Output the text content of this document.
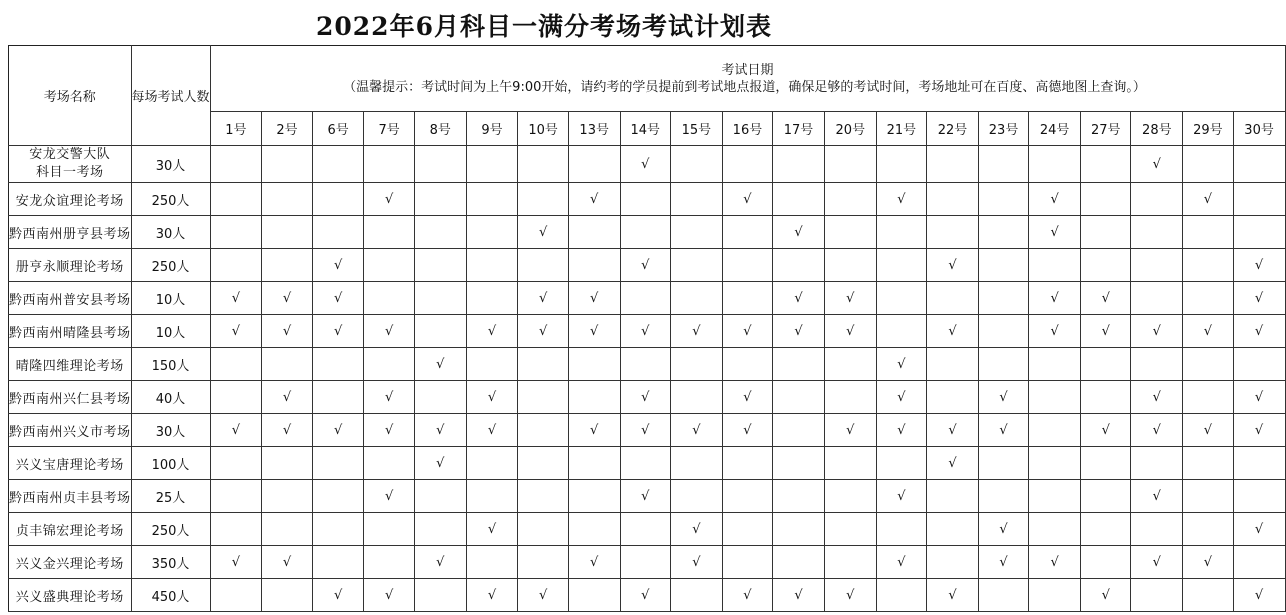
2022年6月科目一满分考场考试计划表
考场名称	每场考试人数	考试日期
（温馨提示：考试时间为上午9:00开始，请约考的学员提前到考试地点报道，确保足够的考试时间，考场地址可在百度、高德地图上查询。）																				

		1号	2号	6号	7号	8号	9号	10号	13号	14号	15号	16号	17号	20号	21号	22号	23号	24号	27号	28号	29号	30号
安龙交警大队科目一考场	30人									√										√		
安龙众谊理论考场	250人				√				√			√			√			√			√	
黔西南州册亨县考场	30人							√					√					√				
册亨永顺理论考场	250人			√						√						√						√
黔西南州普安县考场	10人	√	√	√				√	√				√	√				√	√			√
黔西南州晴隆县考场	10人	√	√	√	√		√	√	√	√	√	√	√	√		√		√	√	√	√	√
晴隆四维理论考场	150人					√									√							
黔西南州兴仁县考场	40人		√		√		√			√		√			√		√			√		√
黔西南州兴义市考场	30人	√	√	√	√	√	√		√	√	√	√		√	√	√	√		√	√	√	√
兴义宝唐理论考场	100人					√										√						
黔西南州贞丰县考场	25人				√					√					√					√		
贞丰锦宏理论考场	250人						√				√						√					√
兴义金兴理论考场	350人	√	√			√			√		√				√		√	√		√	√	
兴义盛典理论考场	450人			√	√		√	√		√		√	√	√		√			√			√
